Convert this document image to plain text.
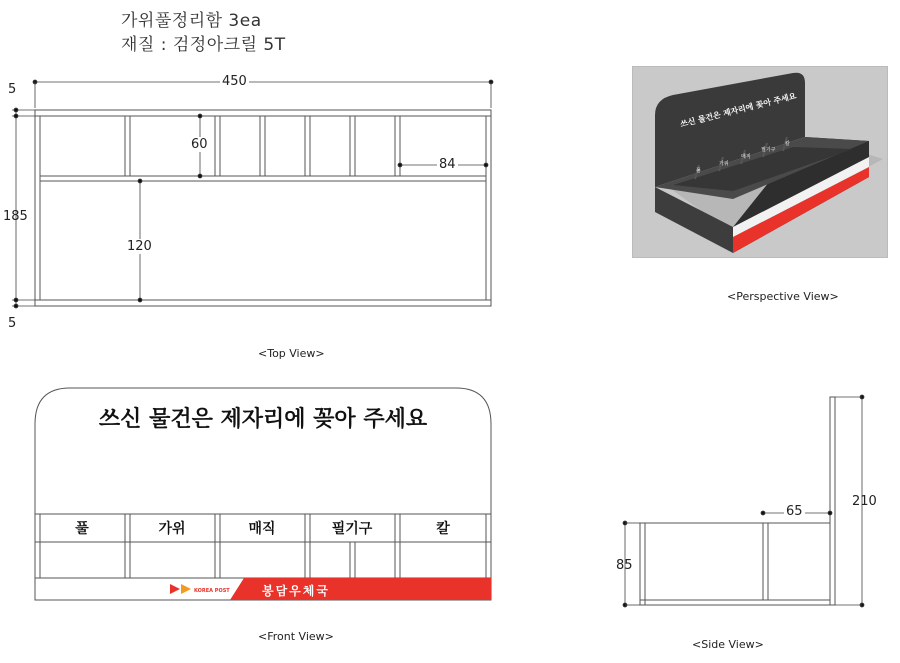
가위풀정리함 3ea
재질 : 검정아크릴 5T
450
5
185
5
60
120
84
<Top View>
쓰신 물건은 제자리에 꽂아 주세요
풀
가위
매직
필기구
칼
<Perspective View>
KOREA POST	봉담우체국
쓰신 물건은 제자리에 꽂아 주세요
풀	가위	매직	필기구	칼
<Front View>
85
65
210
<Side View>
